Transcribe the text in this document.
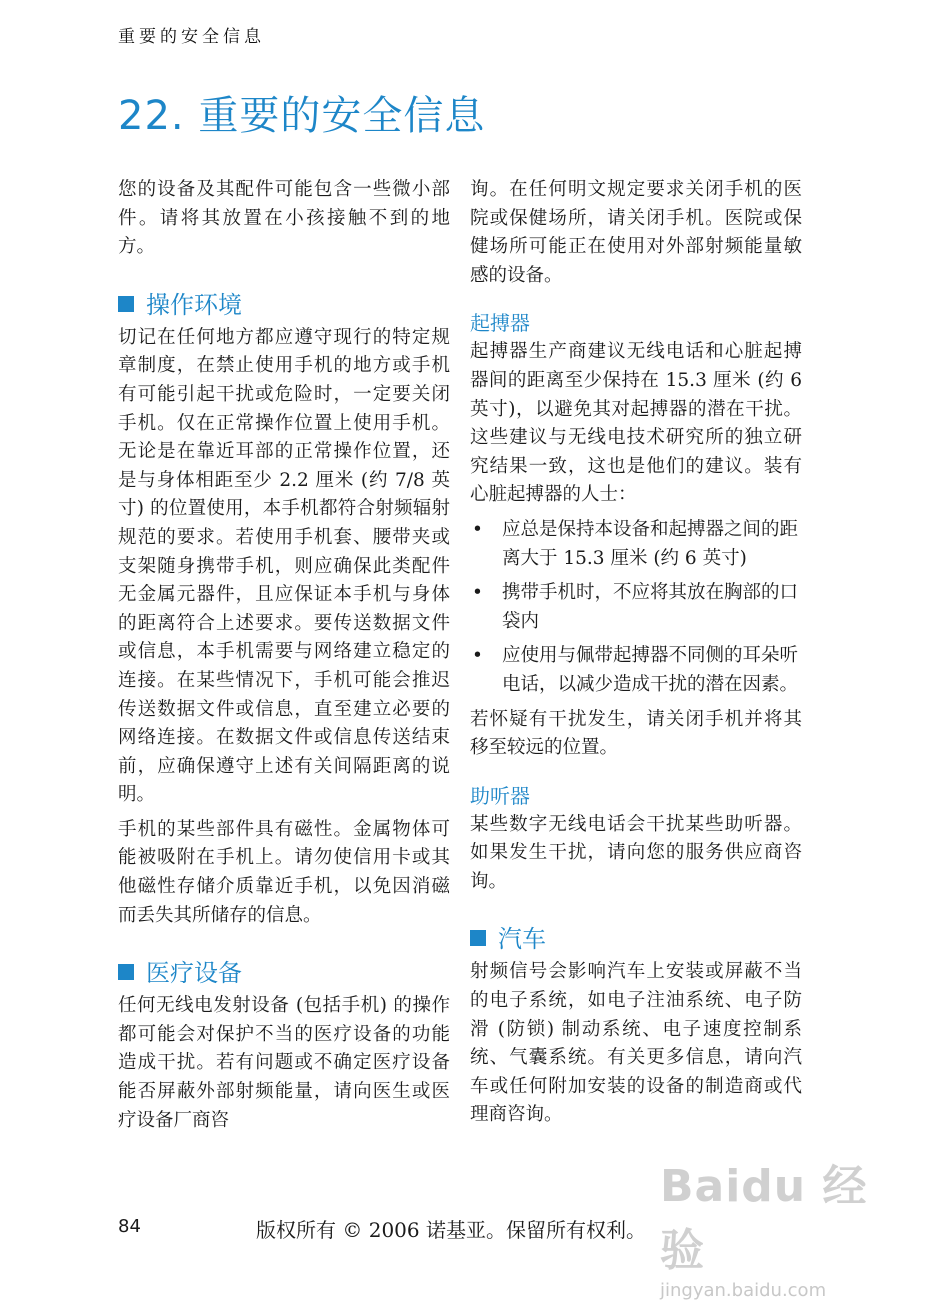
重要的安全信息
22. 重要的安全信息

您的设备及其配件可能包含一些微小部件。请将其放置在小孩接触不到的地方。

操作环境

切记在任何地方都应遵守现行的特定规章制度，在禁止使用手机的地方或手机有可能引起干扰或危险时，一定要关闭手机。仅在正常操作位置上使用手机。无论是在靠近耳部的正常操作位置，还是与身体相距至少 2.2 厘米 (约 7/8 英寸) 的位置使用，本手机都符合射频辐射规范的要求。若使用手机套、腰带夹或支架随身携带手机，则应确保此类配件无金属元器件，且应保证本手机与身体的距离符合上述要求。要传送数据文件或信息，本手机需要与网络建立稳定的连接。在某些情况下，手机可能会推迟传送数据文件或信息，直至建立必要的网络连接。在数据文件或信息传送结束前，应确保遵守上述有关间隔距离的说明。

手机的某些部件具有磁性。金属物体可能被吸附在手机上。请勿使信用卡或其他磁性存储介质靠近手机，以免因消磁而丢失其所储存的信息。

医疗设备

任何无线电发射设备 (包括手机) 的操作都可能会对保护不当的医疗设备的功能造成干扰。若有问题或不确定医疗设备能否屏蔽外部射频能量，请向医生或医疗设备厂商咨

询。在任何明文规定要求关闭手机的医院或保健场所，请关闭手机。医院或保健场所可能正在使用对外部射频能量敏感的设备。

起搏器

起搏器生产商建议无线电话和心脏起搏器间的距离至少保持在 15.3 厘米 (约 6 英寸)，以避免其对起搏器的潜在干扰。这些建议与无线电技术研究所的独立研究结果一致，这也是他们的建议。装有心脏起搏器的人士：

• 应总是保持本设备和起搏器之间的距离大于 15.3 厘米 (约 6 英寸)
• 携带手机时，不应将其放在胸部的口袋内
• 应使用与佩带起搏器不同侧的耳朵听电话，以减少造成干扰的潜在因素。

若怀疑有干扰发生，请关闭手机并将其移至较远的位置。

助听器

某些数字无线电话会干扰某些助听器。如果发生干扰，请向您的服务供应商咨询。

汽车

射频信号会影响汽车上安装或屏蔽不当的电子系统，如电子注油系统、电子防滑 (防锁) 制动系统、电子速度控制系统、气囊系统。有关更多信息，请向汽车或任何附加安装的设备的制造商或代理商咨询。

84	版权所有 © 2006 诺基亚。保留所有权利。
Baidu 经验
jingyan.baidu.com
